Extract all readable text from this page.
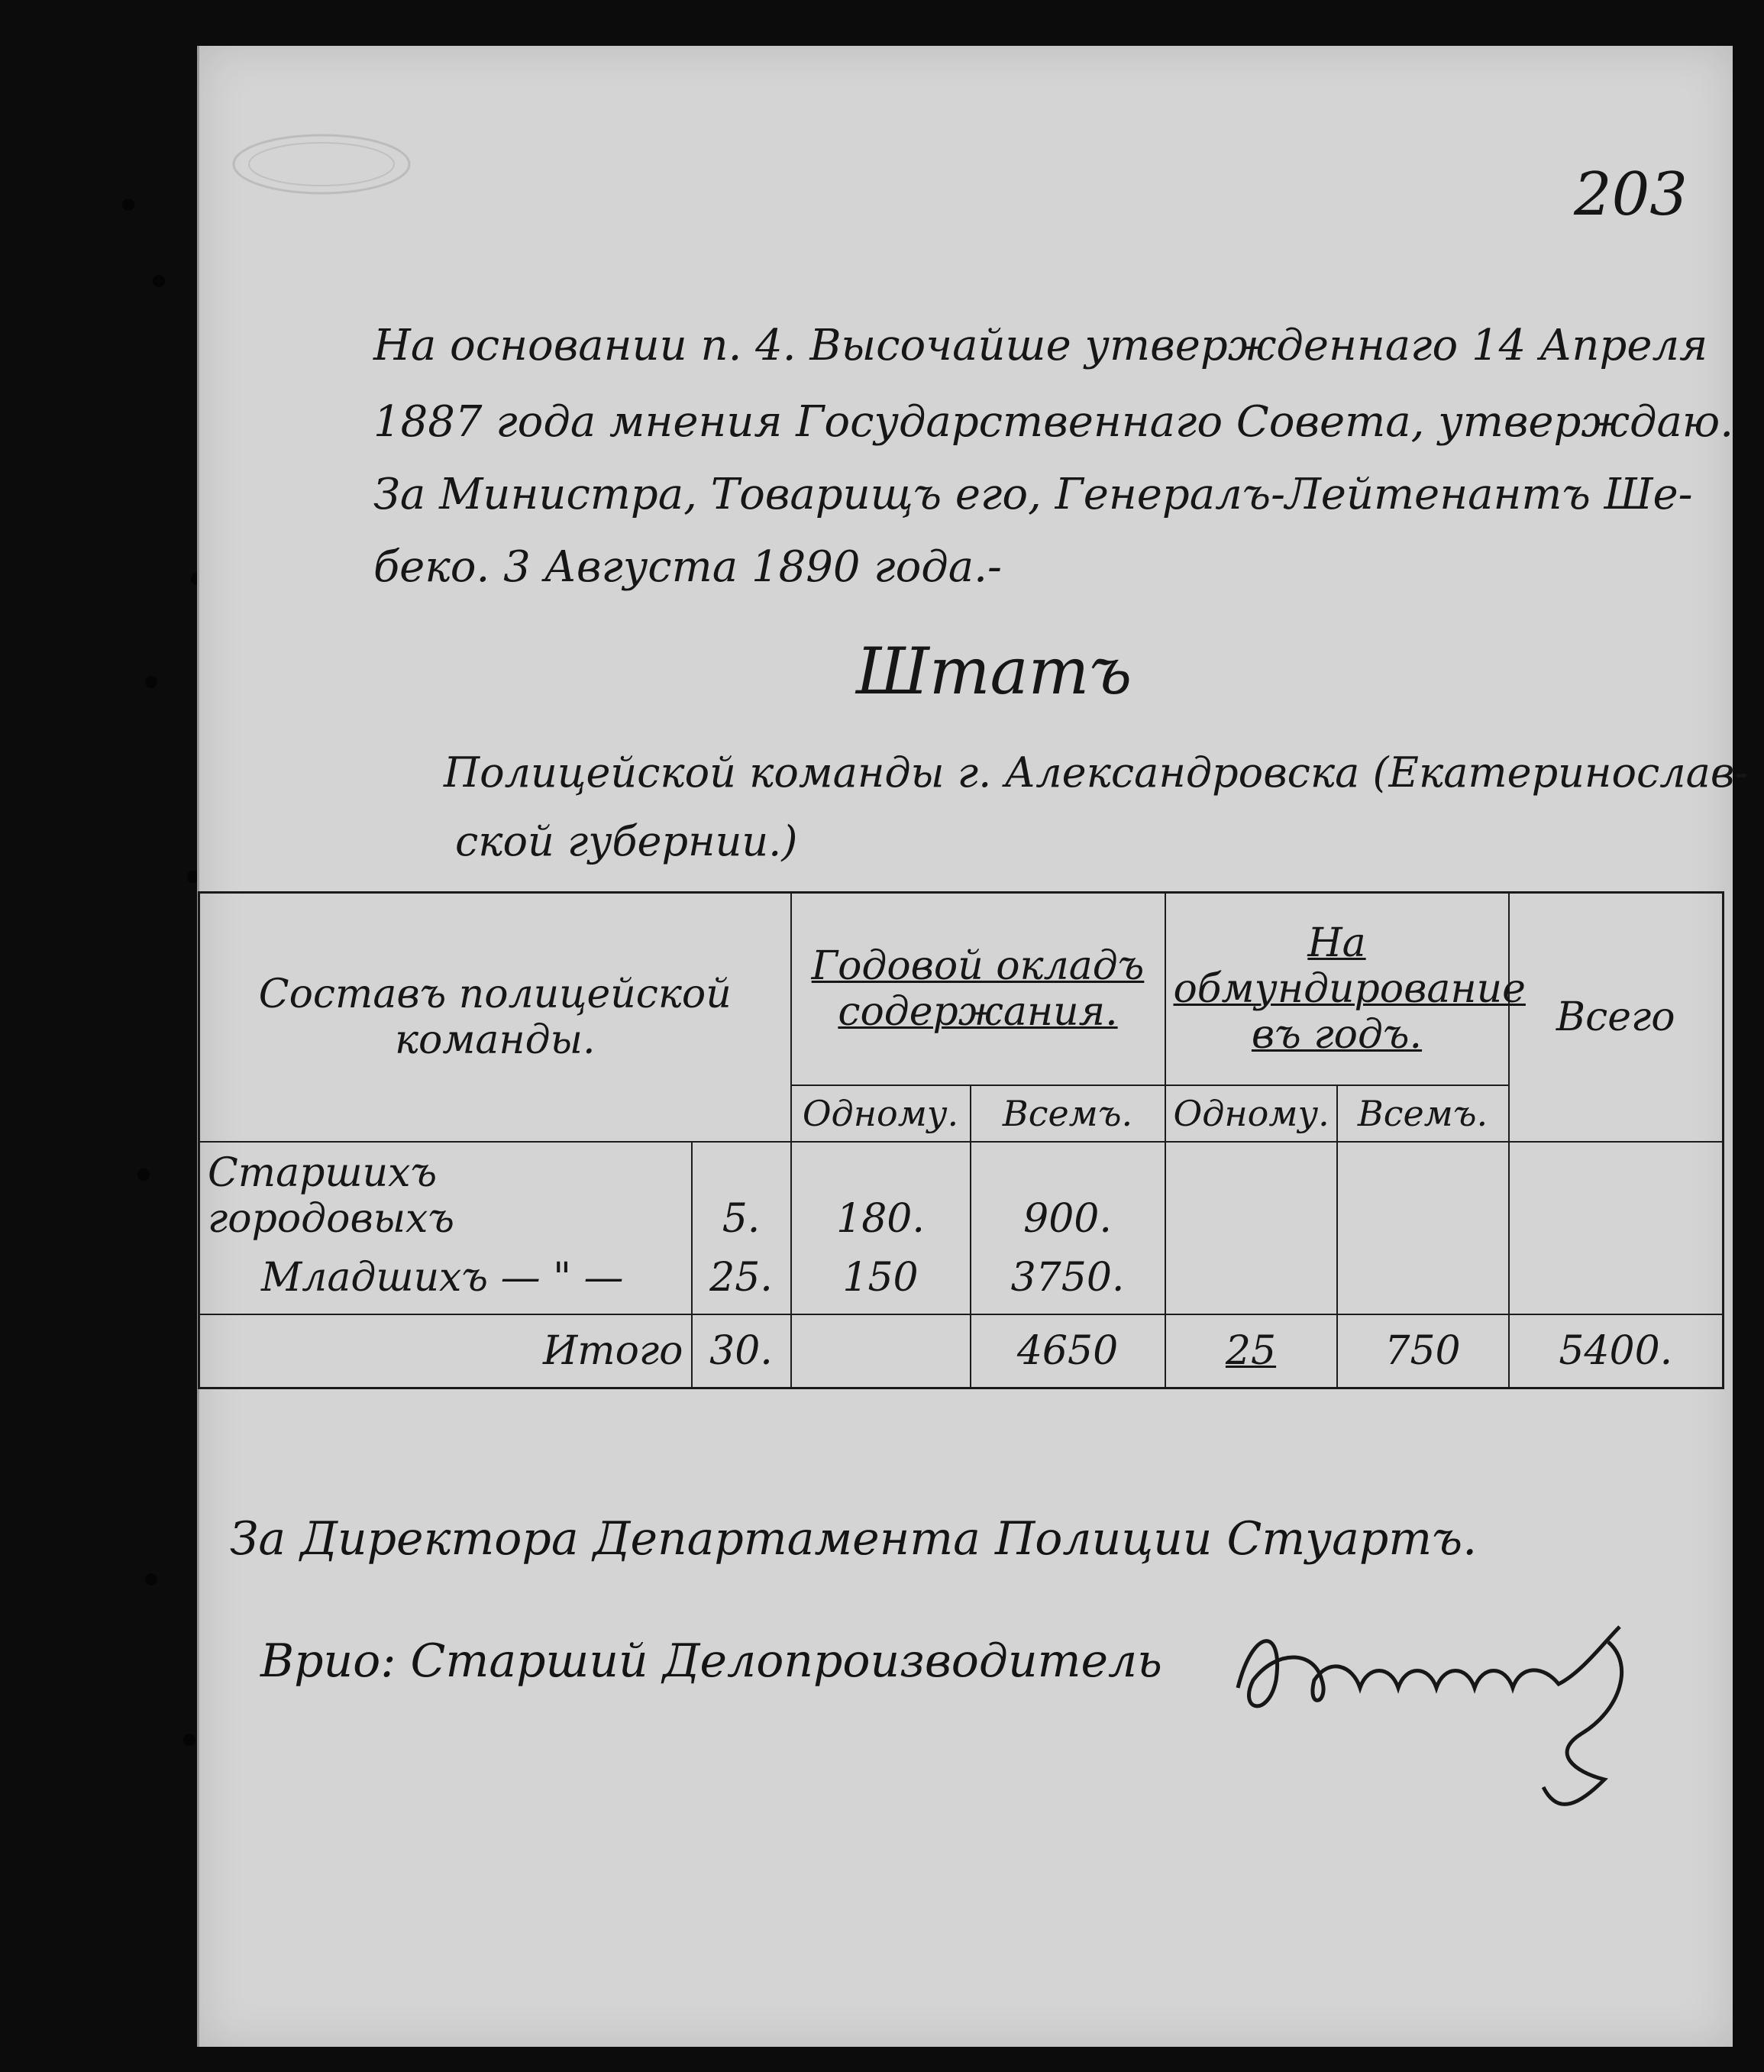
203
На основании п. 4. Высочайше утвержденнаго 14 Апреля
1887 года мнения Государственнаго Совета, утверждаю.
За Министра, Товарищъ его, Генералъ-Лейтенантъ Ше-
беко. 3 Августа 1890 года.-
Штатъ
Полицейской команды г. Александровска (Екатеринослав-
ской губернии.)
Составъ полицейской команды.		Годовой окладъ содержания.		На обмундирование въ годъ.		Всего
		Одному.	Всемъ.	Одному.	Всемъ.	
Старшихъ городовыхъ	5.	180.	900.			
Младшихъ — " —	25.	150	3750.			
Итого	30.		4650	25	750	5400.
За Директора Департамента Полиции Стуартъ.
Врио: Старший Делопроизводитель
